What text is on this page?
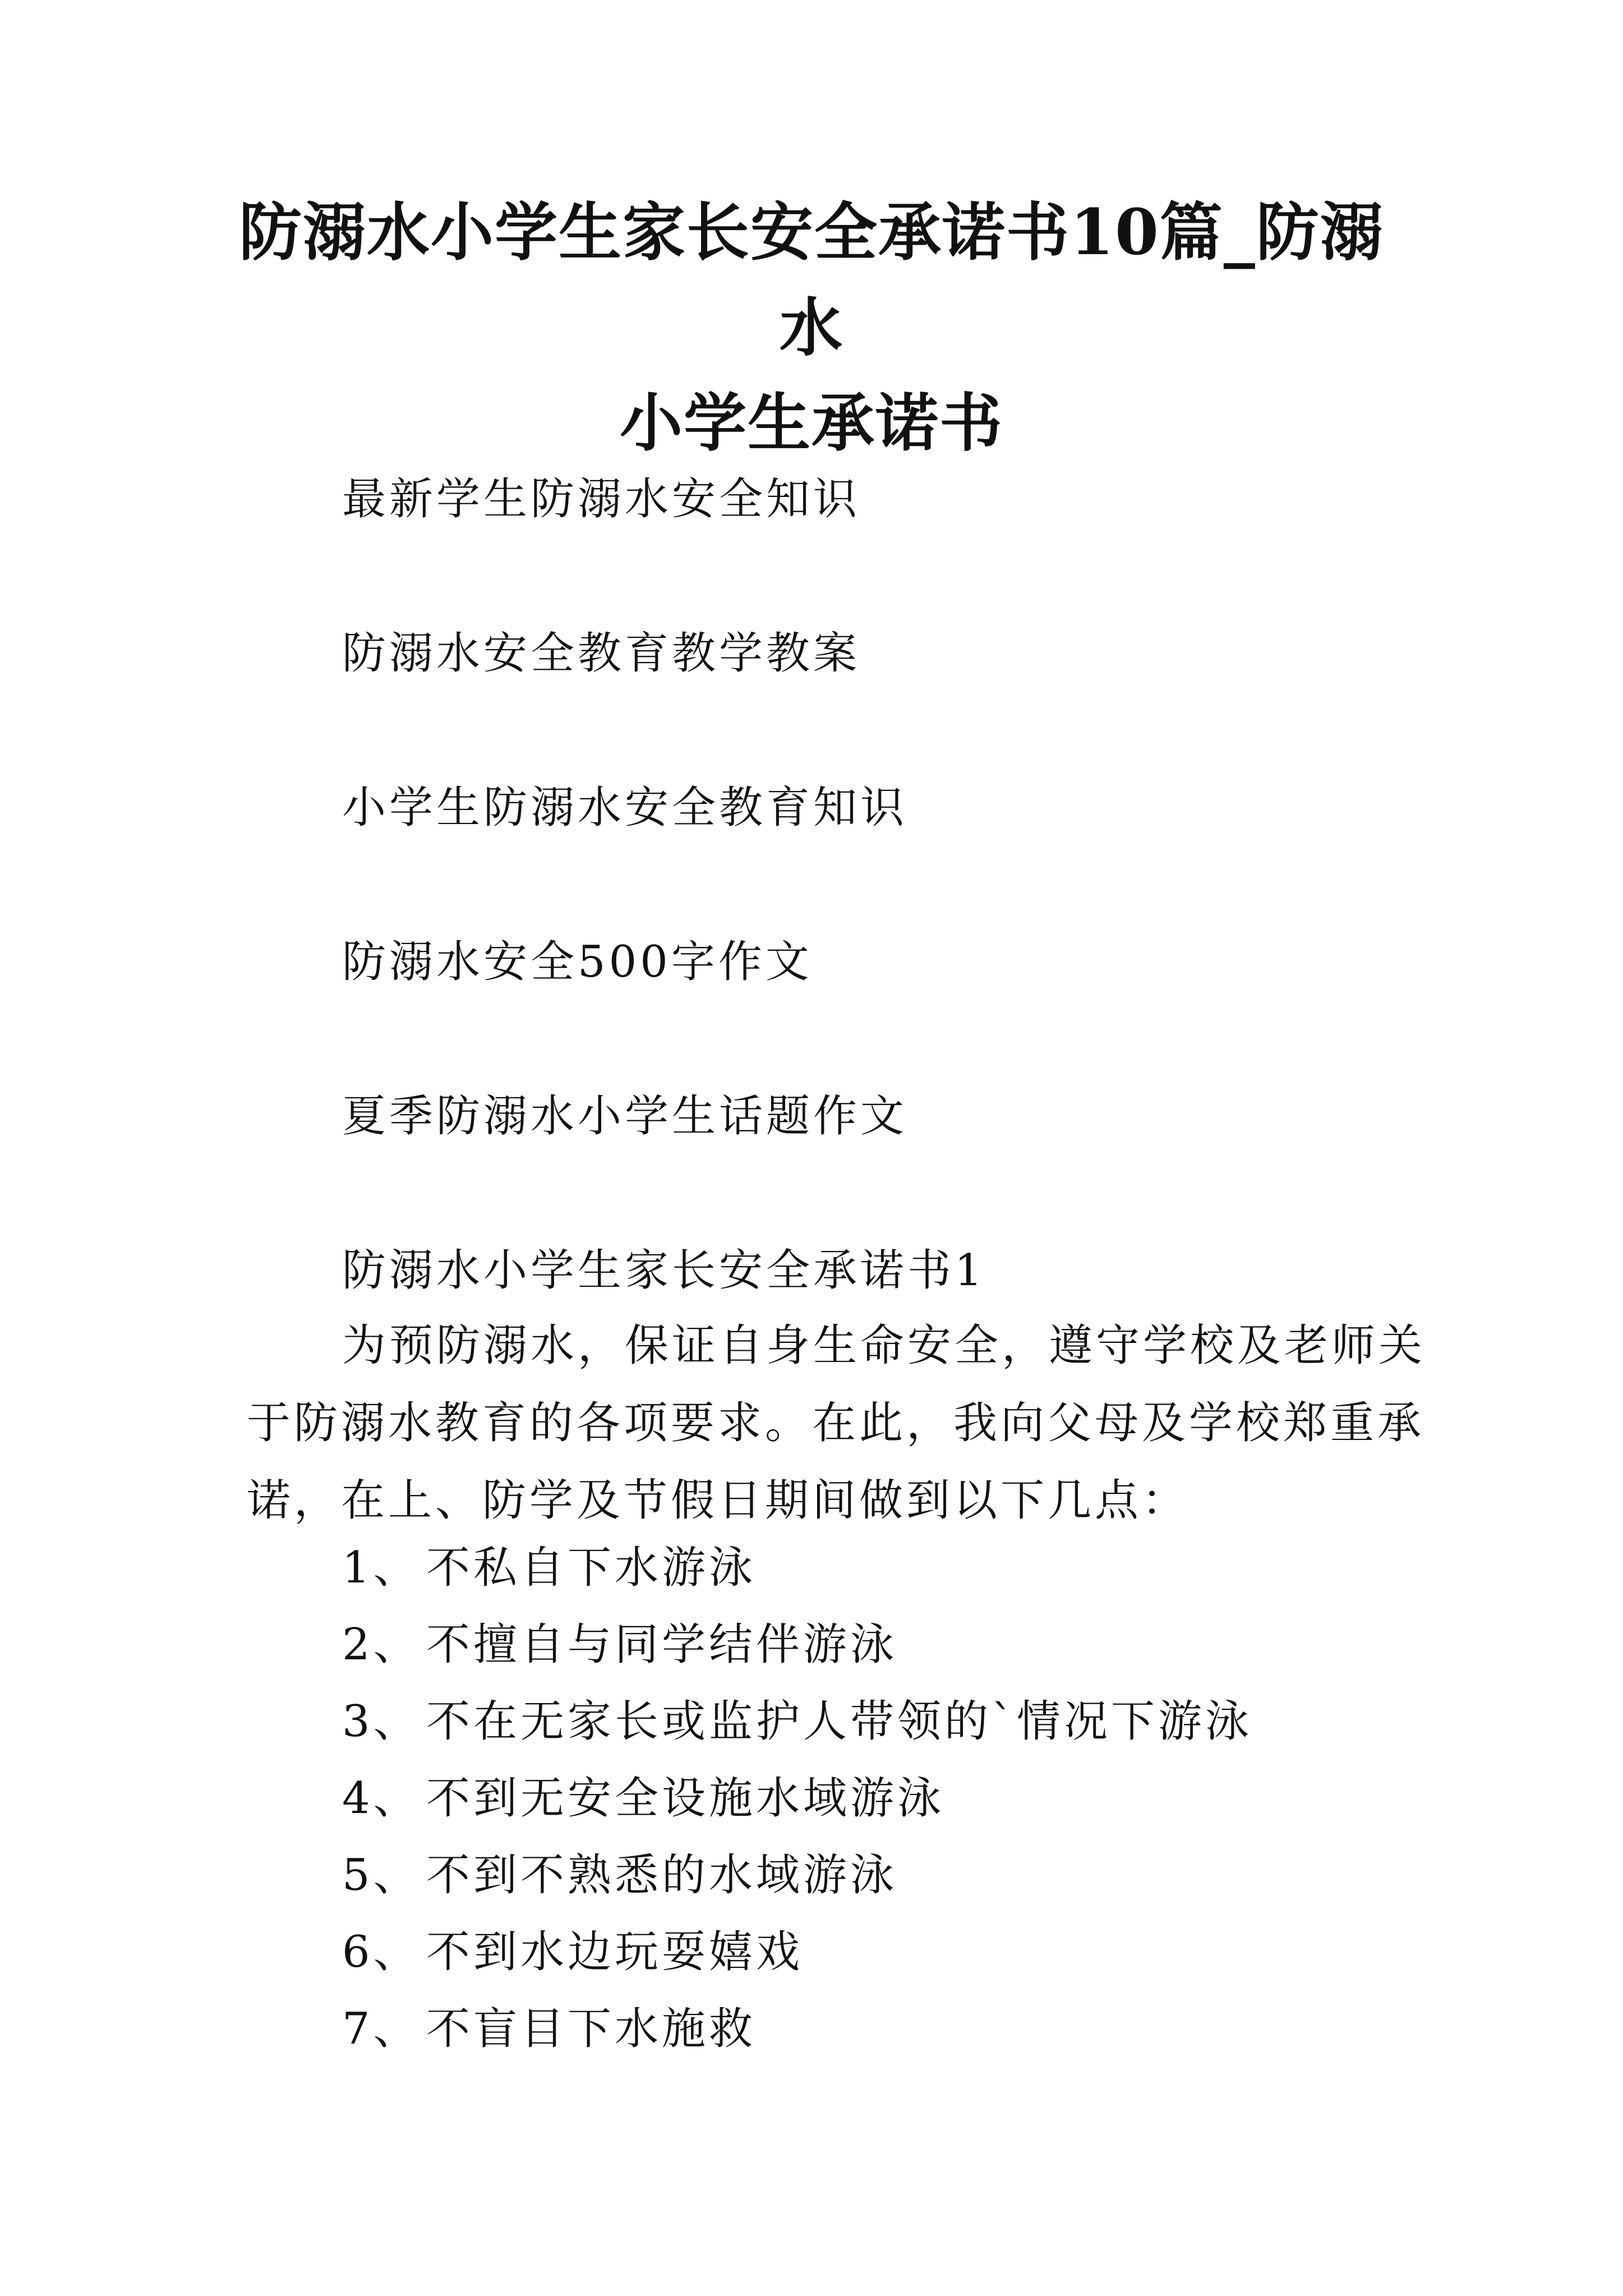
防溺水小学生家长安全承诺书10篇_防溺水
小学生承诺书
最新学生防溺水安全知识
防溺水安全教育教学教案
小学生防溺水安全教育知识
防溺水安全500字作文
夏季防溺水小学生话题作文
防溺水小学生家长安全承诺书1
为预防溺水，保证自身生命安全，遵守学校及老师关于防溺水教育的各项要求。在此，我向父母及学校郑重承诺，在上、防学及节假日期间做到以下几点：
1、 不私自下水游泳
2、 不擅自与同学结伴游泳
3、 不在无家长或监护人带领的`情况下游泳
4、 不到无安全设施水域游泳
5、 不到不熟悉的水域游泳
6、 不到水边玩耍嬉戏
7、 不盲目下水施救
